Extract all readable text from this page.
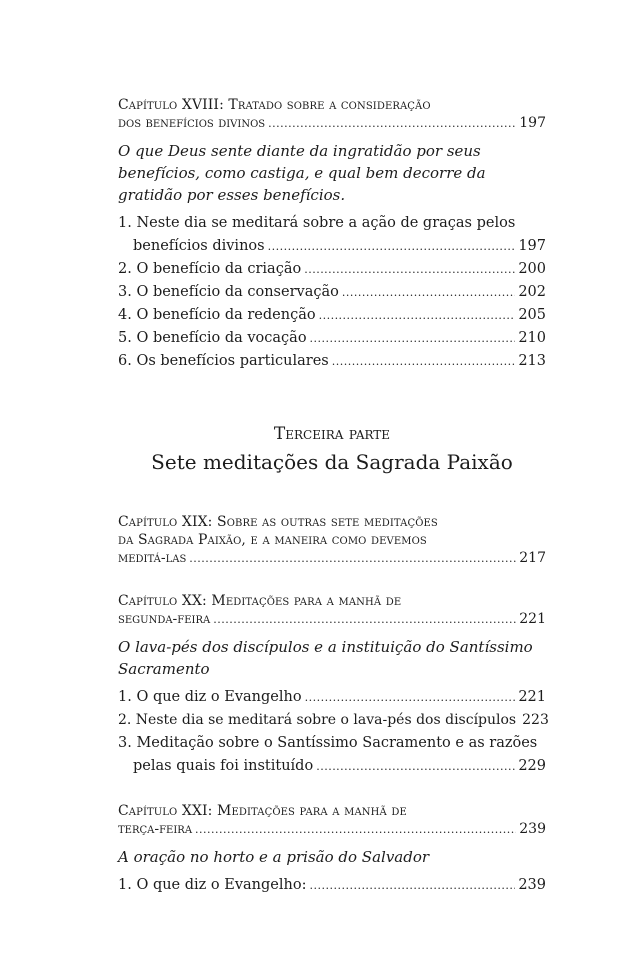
Capítulo XVIII: Tratado sobre a consideração
dos benefícios divinos .....	197
O que Deus sente diante da ingratidão por seus benefícios, como castiga, e qual bem decorre da gratidão por esses benefícios.
1. Neste dia se meditará sobre a ação de graças pelos
benefícios divinos .....	197
2. O benefício da criação .....	200
3. O benefício da conservação .....	202
4. O benefício da redenção .....	205
5. O benefício da vocação .....	210
6. Os benefícios particulares .....	213
Terceira parte
Sete meditações da Sagrada Paixão
Capítulo XIX: Sobre as outras sete meditações
da Sagrada Paixão, e a maneira como devemos
meditá-las .....	217
Capítulo XX: Meditações para a manhã de
segunda-feira .....	221
O lava-pés dos discípulos e a instituição do Santíssimo Sacramento
1. O que diz o Evangelho .....	221
2. Neste dia se meditará sobre o lava-pés dos discípulos 223
3. Meditação sobre o Santíssimo Sacramento e as razões
pelas quais foi instituído .....	229
Capítulo XXI: Meditações para a manhã de
terça-feira .....	239
A oração no horto e a prisão do Salvador
1. O que diz o Evangelho: .....	239
